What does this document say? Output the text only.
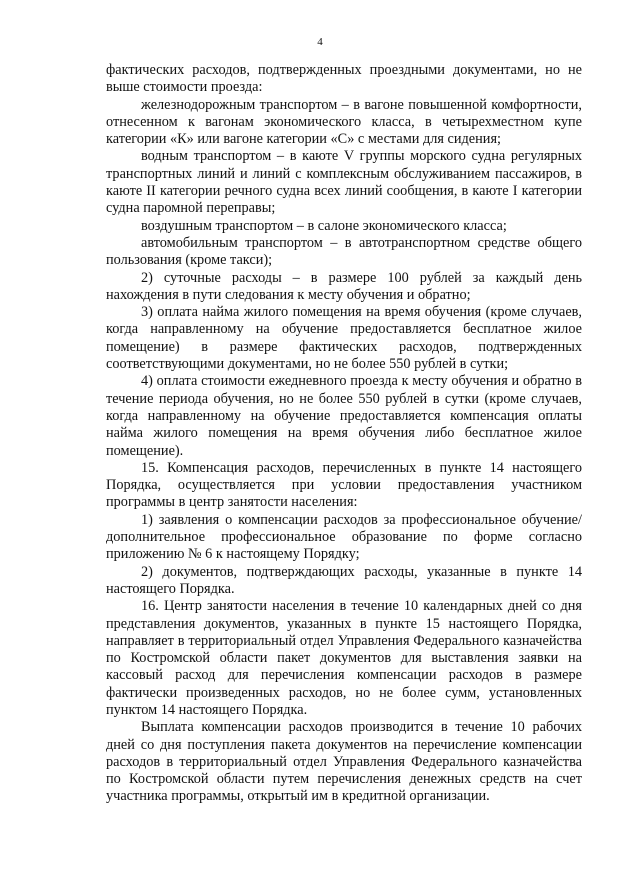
4

фактических расходов, подтвержденных проездными документами, но не выше стоимости проезда:

железнодорожным транспортом – в вагоне повышенной комфортности, отнесенном к вагонам экономического класса, в четырехместном купе категории «К» или вагоне категории «С» с местами для сидения;

водным транспортом – в каюте V группы морского судна регулярных транспортных линий и линий с комплексным обслуживанием пассажиров, в каюте II категории речного судна всех линий сообщения, в каюте I категории судна паромной переправы;

воздушным транспортом – в салоне экономического класса;

автомобильным транспортом – в автотранспортном средстве общего пользования (кроме такси);

2) суточные расходы – в размере 100 рублей за каждый день нахождения в пути следования к месту обучения и обратно;

3) оплата найма жилого помещения на время обучения (кроме случаев, когда направленному на обучение предоставляется бесплатное жилое помещение) в размере фактических расходов, подтвержденных соответствующими документами, но не более 550 рублей в сутки;

4) оплата стоимости ежедневного проезда к месту обучения и обратно в течение периода обучения, но не более 550 рублей в сутки (кроме случаев, когда направленному на обучение предоставляется компенсация оплаты найма жилого помещения на время обучения либо бесплатное жилое помещение).

15. Компенсация расходов, перечисленных в пункте 14 настоящего Порядка, осуществляется при условии предоставления участником программы в центр занятости населения:

1) заявления о компенсации расходов за профессиональное обучение/дополнительное профессиональное образование по форме согласно приложению № 6 к настоящему Порядку;

2) документов, подтверждающих расходы, указанные в пункте 14 настоящего Порядка.

16. Центр занятости населения в течение 10 календарных дней со дня представления документов, указанных в пункте 15 настоящего Порядка, направляет в территориальный отдел Управления Федерального казначейства по Костромской области пакет документов для выставления заявки на кассовый расход для перечисления компенсации расходов в размере фактически произведенных расходов, но не более сумм, установленных пунктом 14 настоящего Порядка.

Выплата компенсации расходов производится в течение 10 рабочих дней со дня поступления пакета документов на перечисление компенсации расходов в территориальный отдел Управления Федерального казначейства по Костромской области путем перечисления денежных средств на счет участника программы, открытый им в кредитной организации.
